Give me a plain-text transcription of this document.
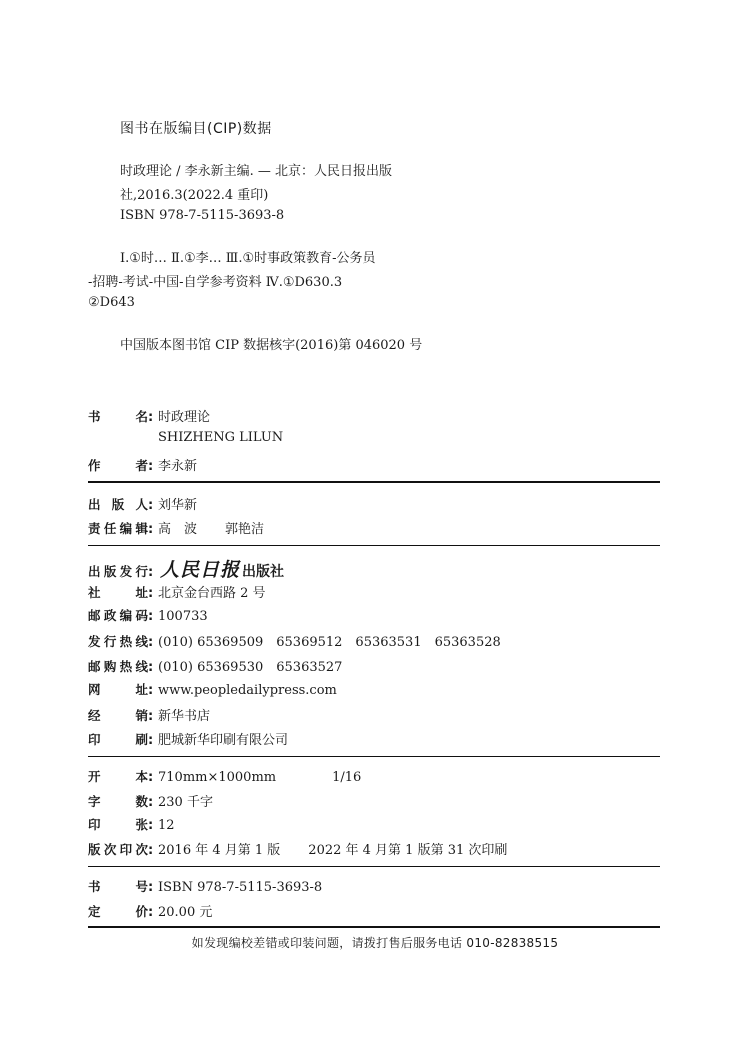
图书在版编目(CIP)数据
时政理论 / 李永新主编. — 北京：人民日报出版
社,2016.3(2022.4 重印)
ISBN 978-7-5115-3693-8
Ⅰ.①时… Ⅱ.①李… Ⅲ.①时事政策教育-公务员
-招聘-考试-中国-自学参考资料 Ⅳ.①D630.3
②D643
中国版本图书馆 CIP 数据核字(2016)第 046020 号
书名: 时政理论
SHIZHENG LILUN
作者: 李永新
出版人: 刘华新
责任编辑: 高　波 郭艳洁
出版发行: 人民日报 出版社
社址: 北京金台西路 2 号
邮政编码: 100733
发行热线: (010) 65369509　65369512　65363531　65363528
邮购热线: (010) 65369530　65363527
网址: www.peopledailypress.com
经销: 新华书店
印刷: 肥城新华印刷有限公司
开本: 710mm×1000mm	1/16
字数: 230 千字
印张: 12
版次印次: 2016 年 4 月第 1 版 2022 年 4 月第 1 版第 31 次印刷
书号: ISBN 978-7-5115-3693-8
定价: 20.00 元
如发现编校差错或印装问题，请拨打售后服务电话 010-82838515
